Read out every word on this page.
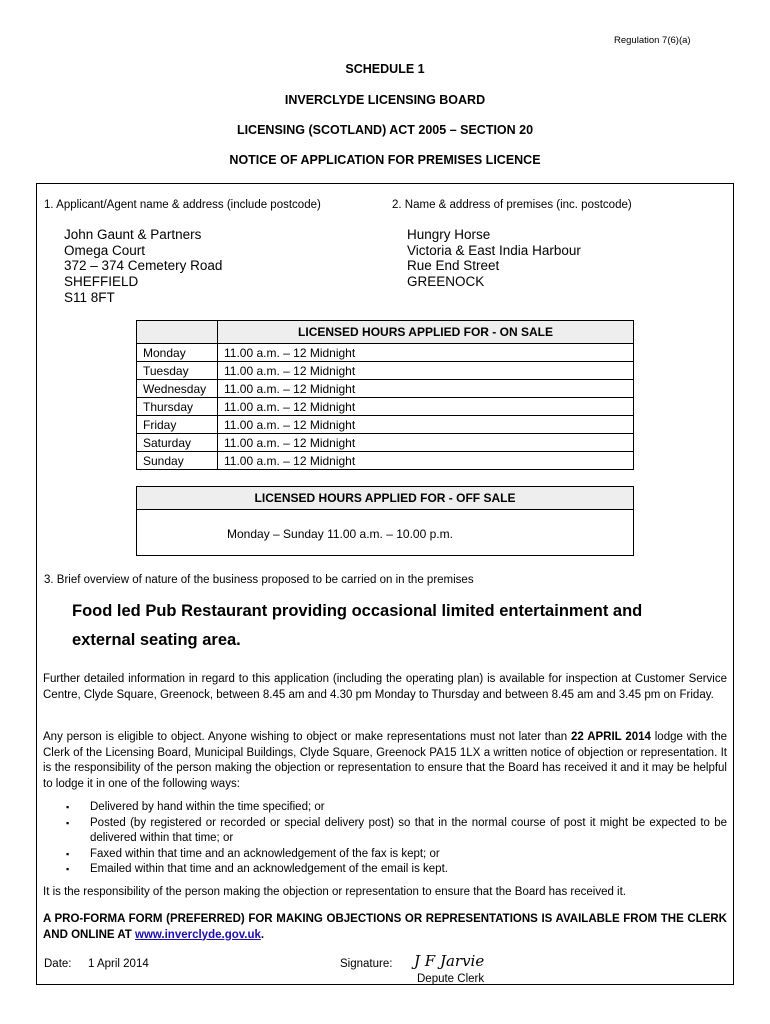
Regulation 7(6)(a)
SCHEDULE 1
INVERCLYDE LICENSING BOARD
LICENSING (SCOTLAND) ACT 2005 – SECTION 20
NOTICE OF APPLICATION FOR PREMISES LICENCE
1. Applicant/Agent name & address (include postcode)	2. Name & address of premises (inc. postcode)
John Gaunt & Partners
Omega Court
372 – 374 Cemetery Road
SHEFFIELD
S11 8FT
Hungry Horse
Victoria & East India Harbour
Rue End Street
GREENOCK
	LICENSED HOURS APPLIED FOR - ON SALE
Monday	11.00 a.m. – 12 Midnight
Tuesday	11.00 a.m. – 12 Midnight
Wednesday	11.00 a.m. – 12 Midnight
Thursday	11.00 a.m. – 12 Midnight
Friday	11.00 a.m. – 12 Midnight
Saturday	11.00 a.m. – 12 Midnight
Sunday	11.00 a.m. – 12 Midnight
LICENSED HOURS APPLIED FOR - OFF SALE
Monday – Sunday 11.00 a.m. – 10.00 p.m.
3. Brief overview of nature of the business proposed to be carried on in the premises
Food led Pub Restaurant providing occasional limited entertainment and
external seating area.
Further detailed information in regard to this application (including the operating plan) is available for inspection at Customer Service Centre, Clyde Square, Greenock, between 8.45 am and 4.30 pm Monday to Thursday and between 8.45 am and 3.45 pm on Friday.
Any person is eligible to object. Anyone wishing to object or make representations must not later than 22 APRIL 2014 lodge with the Clerk of the Licensing Board, Municipal Buildings, Clyde Square, Greenock PA15 1LX a written notice of objection or representation. It is the responsibility of the person making the objection or representation to ensure that the Board has received it and it may be helpful to lodge it in one of the following ways:
▪ Delivered by hand within the time specified; or
▪ Posted (by registered or recorded or special delivery post) so that in the normal course of post it might be expected to be delivered within that time; or
▪ Faxed within that time and an acknowledgement of the fax is kept; or
▪ Emailed within that time and an acknowledgement of the email is kept.
It is the responsibility of the person making the objection or representation to ensure that the Board has received it.
A PRO-FORMA FORM (PREFERRED) FOR MAKING OBJECTIONS OR REPRESENTATIONS IS AVAILABLE FROM THE CLERK AND ONLINE AT www.inverclyde.gov.uk.
Date: 1 April 2014	Signature: J F Jarvie
Depute Clerk
